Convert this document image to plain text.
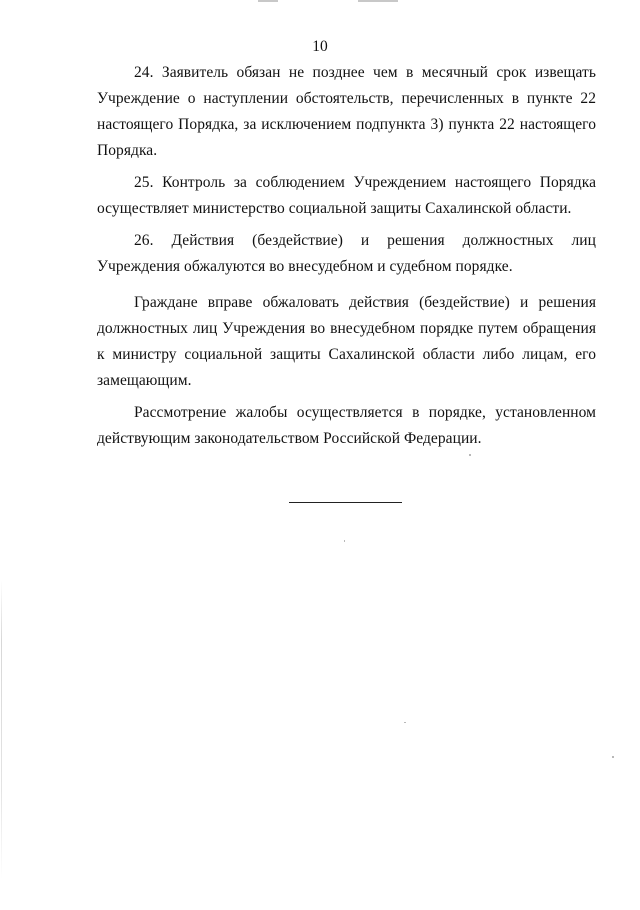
10

24. Заявитель обязан не позднее чем в месячный срок извещать Учреждение о наступлении обстоятельств, перечисленных в пункте 22 настоящего Порядка, за исключением подпункта 3) пункта 22 настоящего Порядка.

25. Контроль за соблюдением Учреждением настоящего Порядка осуществляет министерство социальной защиты Сахалинской области.

26. Действия (бездействие) и решения должностных лиц Учреждения обжалуются во внесудебном и судебном порядке.

Граждане вправе обжаловать действия (бездействие) и решения должностных лиц Учреждения во внесудебном порядке путем обращения к министру социальной защиты Сахалинской области либо лицам, его замещающим.

Рассмотрение жалобы осуществляется в порядке, установленном действующим законодательством Российской Федерации.
